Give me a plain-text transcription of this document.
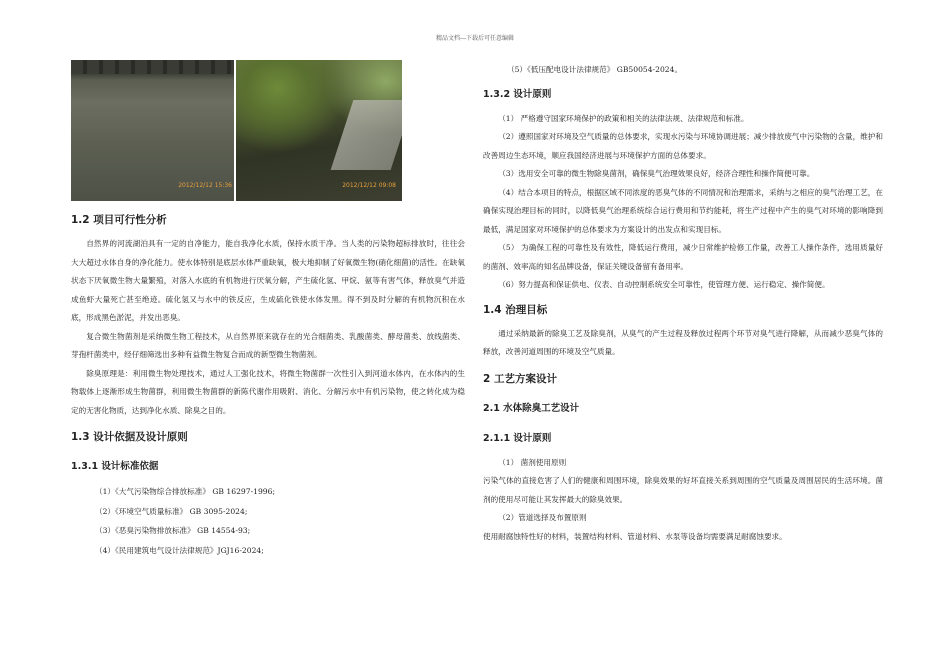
精品文档---下载后可任意编辑
2012/12/12 15:36	2012/12/12 09:08
1.2 项目可行性分析

自然界的河流湖泊具有一定的自净能力，能自我净化水质，保持水质干净。当人类的污染物超标排放时，往往会大大超过水体自身的净化能力。使水体特别是底层水体严重缺氧，极大地抑制了好氧微生物(硝化细菌)的活性。在缺氧状态下厌氧微生物大量繁殖，对落入水底的有机物进行厌氧分解，产生硫化氢、甲烷、氨等有害气体，释放臭气并造成鱼虾大量死亡甚至绝迹。硫化氢又与水中的铁反应，生成硫化铁使水体发黑。得不到及时分解的有机物沉积在水底，形成黑色淤泥，并发出恶臭。

复合微生物菌剂是采纳微生物工程技术，从自然界原来就存在的光合细菌类、乳酸菌类、酵母菌类、放线菌类、芽孢杆菌类中，经仔细筛选出多种有益微生物复合而成的新型微生物菌剂。

除臭原理是：利用微生物处理技术，通过人工强化技术，将微生物菌群一次性引入到河道水体内，在水体内的生物载体上逐渐形成生物菌群，利用微生物菌群的新陈代谢作用吸附、消化、分解污水中有机污染物，使之转化成为稳定的无害化物质，达到净化水质、除臭之目的。

1.3 设计依据及设计原则
1.3.1 设计标准依据
（1）《大气污染物综合排放标准》 GB 16297-1996;
（2）《环境空气质量标准》 GB 3095-2024;
（3）《恶臭污染物排放标准》 GB 14554-93;
（4）《民用建筑电气设计法律规范》JGJ16-2024;
（5）《低压配电设计法律规范》 GB50054-2024。
1.3.2 设计原则

（1） 严格遵守国家环境保护的政策和相关的法律法规、法律规范和标准。

（2）遵照国家对环境及空气质量的总体要求，实现水污染与环境协调进展；减少排放废气中污染物的含量，维护和改善周边生态环境，顺应我国经济进展与环境保护方面的总体要求。

（3）选用安全可靠的微生物除臭菌剂，确保臭气治理效果良好，经济合理性和操作简便可靠。

（4）结合本项目的特点，根据区域不同浓度的恶臭气体的不同情况和治理需求，采纳与之相应的臭气治理工艺，在确保实现治理目标的同时，以降低臭气治理系统综合运行费用和节约能耗，将生产过程中产生的臭气对环境的影响降到最低，满足国家对环境保护的总体要求为方案设计的出发点和实现目标。

（5） 为确保工程的可靠性及有效性，降低运行费用，减少日常维护检修工作量，改善工人操作条件，选用质量好的菌剂、效率高的知名品牌设备，保证关键设备留有备用率。

（6）努力提高和保证供电、仪表、自动控制系统安全可靠性，使管理方便、运行稳定、操作简便。

1.4 治理目标

通过采纳最新的除臭工艺及除臭剂，从臭气的产生过程及释放过程两个环节对臭气进行降解，从而减少恶臭气体的释放，改善河道周围的环境及空气质量。

2 工艺方案设计
2.1 水体除臭工艺设计
2.1.1 设计原则

（1） 菌剂使用原则

污染气体的直接危害了人们的健康和周围环境，除臭效果的好坏直接关系到周围的空气质量及周围居民的生活环境。菌剂的使用尽可能让其发挥最大的除臭效果。

（2）管道选择及布置原则

使用耐腐蚀特性好的材料，装置结构材料、管道材料、水泵等设备均需要满足耐腐蚀要求。
